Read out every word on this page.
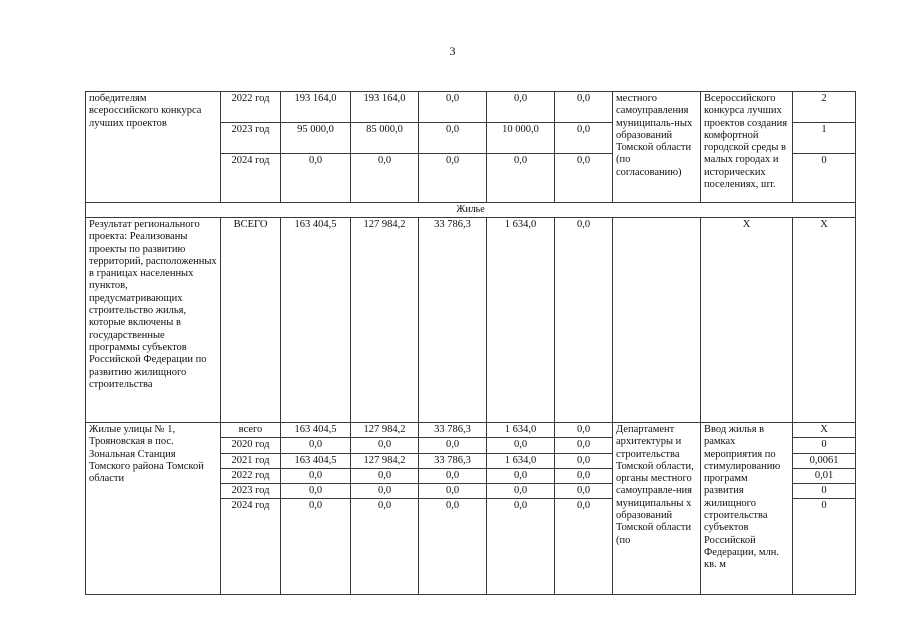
3
победителям всероссийского конкурса лучших проектов	2022 год	193 164,0	193 164,0	0,0	0,0	0,0	местного самоуправления муниципаль-ных образований Томской области (по согласованию)	Всероссийского конкурса лучших проектов создания комфортной городской среды в малых городах и исторических поселениях, шт.	2
	2023 год	95 000,0	85 000,0	0,0	10 000,0	0,0			1
	2024 год	0,0	0,0	0,0	0,0	0,0			0
Жилье									
Результат регионального проекта: Реализованы проекты по развитию территорий, расположенных в границах населенных пунктов, предусматривающих строительство жилья, которые включены в государственные программы субъектов Российской Федерации по развитию жилищного строительства	ВСЕГО	163 404,5	127 984,2	33 786,3	1 634,0	0,0		Х	Х
Жилые улицы № 1, Трояновская в пос. Зональная Станция Томского района Томской области	всего	163 404,5	127 984,2	33 786,3	1 634,0	0,0	Департамент архитектуры и строительства Томской области, органы местного самоуправле-ния муниципальны х образований Томской области (по	Ввод жилья в рамках мероприятия по стимулированию программ развития жилищного строительства субъектов Российской Федерации, млн. кв. м	Х
	2020 год	0,0	0,0	0,0	0,0	0,0			0
	2021 год	163 404,5	127 984,2	33 786,3	1 634,0	0,0			0,0061
	2022 год	0,0	0,0	0,0	0,0	0,0			0,01
	2023 год	0,0	0,0	0,0	0,0	0,0			0
	2024 год	0,0	0,0	0,0	0,0	0,0			0
